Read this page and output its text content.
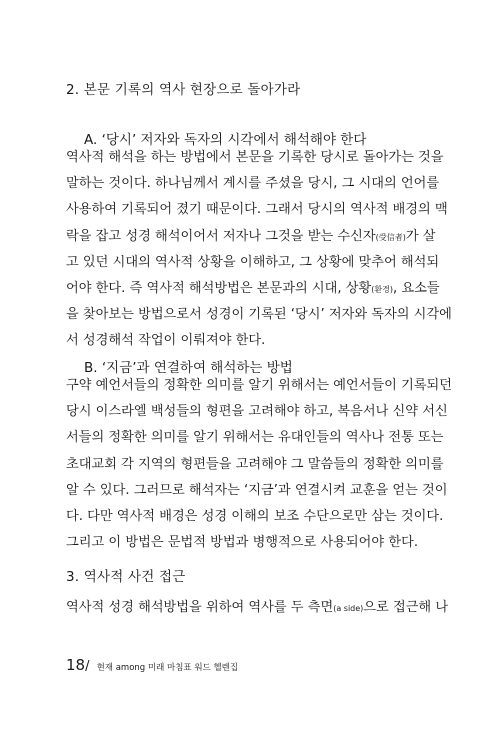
2. 본문 기록의 역사 현장으로 돌아가라
A. ‘당시’ 저자와 독자의 시각에서 해석해야 한다
역사적 해석을 하는 방법에서 본문을 기록한 당시로 돌아가는 것을
말하는 것이다. 하나님께서 계시를 주셨을 당시, 그 시대의 언어를
사용하여 기록되어 졌기 때문이다. 그래서 당시의 역사적 배경의 맥
락을 잡고 성경 해석이어서 저자나 그것을 받는 수신자(受信者)가 살
고 있던 시대의 역사적 상황을 이해하고, 그 상황에 맞추어 해석되
어야 한다. 즉 역사적 해석방법은 본문과의 시대, 상황(환경), 요소들
을 찾아보는 방법으로서 성경이 기록된 ‘당시’ 저자와 독자의 시각에
서 성경해석 작업이 이뤄져야 한다.
B. ‘지금’과 연결하여 해석하는 방법
구약 예언서들의 정확한 의미를 알기 위해서는 예언서들이 기록되던
당시 이스라엘 백성들의 형편을 고려해야 하고, 복음서나 신약 서신
서들의 정확한 의미를 알기 위해서는 유대인들의 역사나 전통 또는
초대교회 각 지역의 형편들을 고려해야 그 말씀들의 정확한 의미를
알 수 있다. 그러므로 해석자는 ‘지금’과 연결시켜 교훈을 얻는 것이
다. 다만 역사적 배경은 성경 이해의 보조 수단으로만 삼는 것이다.
그리고 이 방법은 문법적 방법과 병행적으로 사용되어야 한다.
3. 역사적 사건 접근
역사적 성경 해석방법을 위하여 역사를 두 측면(a side)으로 접근해 나
18/ 현재 among 미래 마침표 워드 헬렌집
